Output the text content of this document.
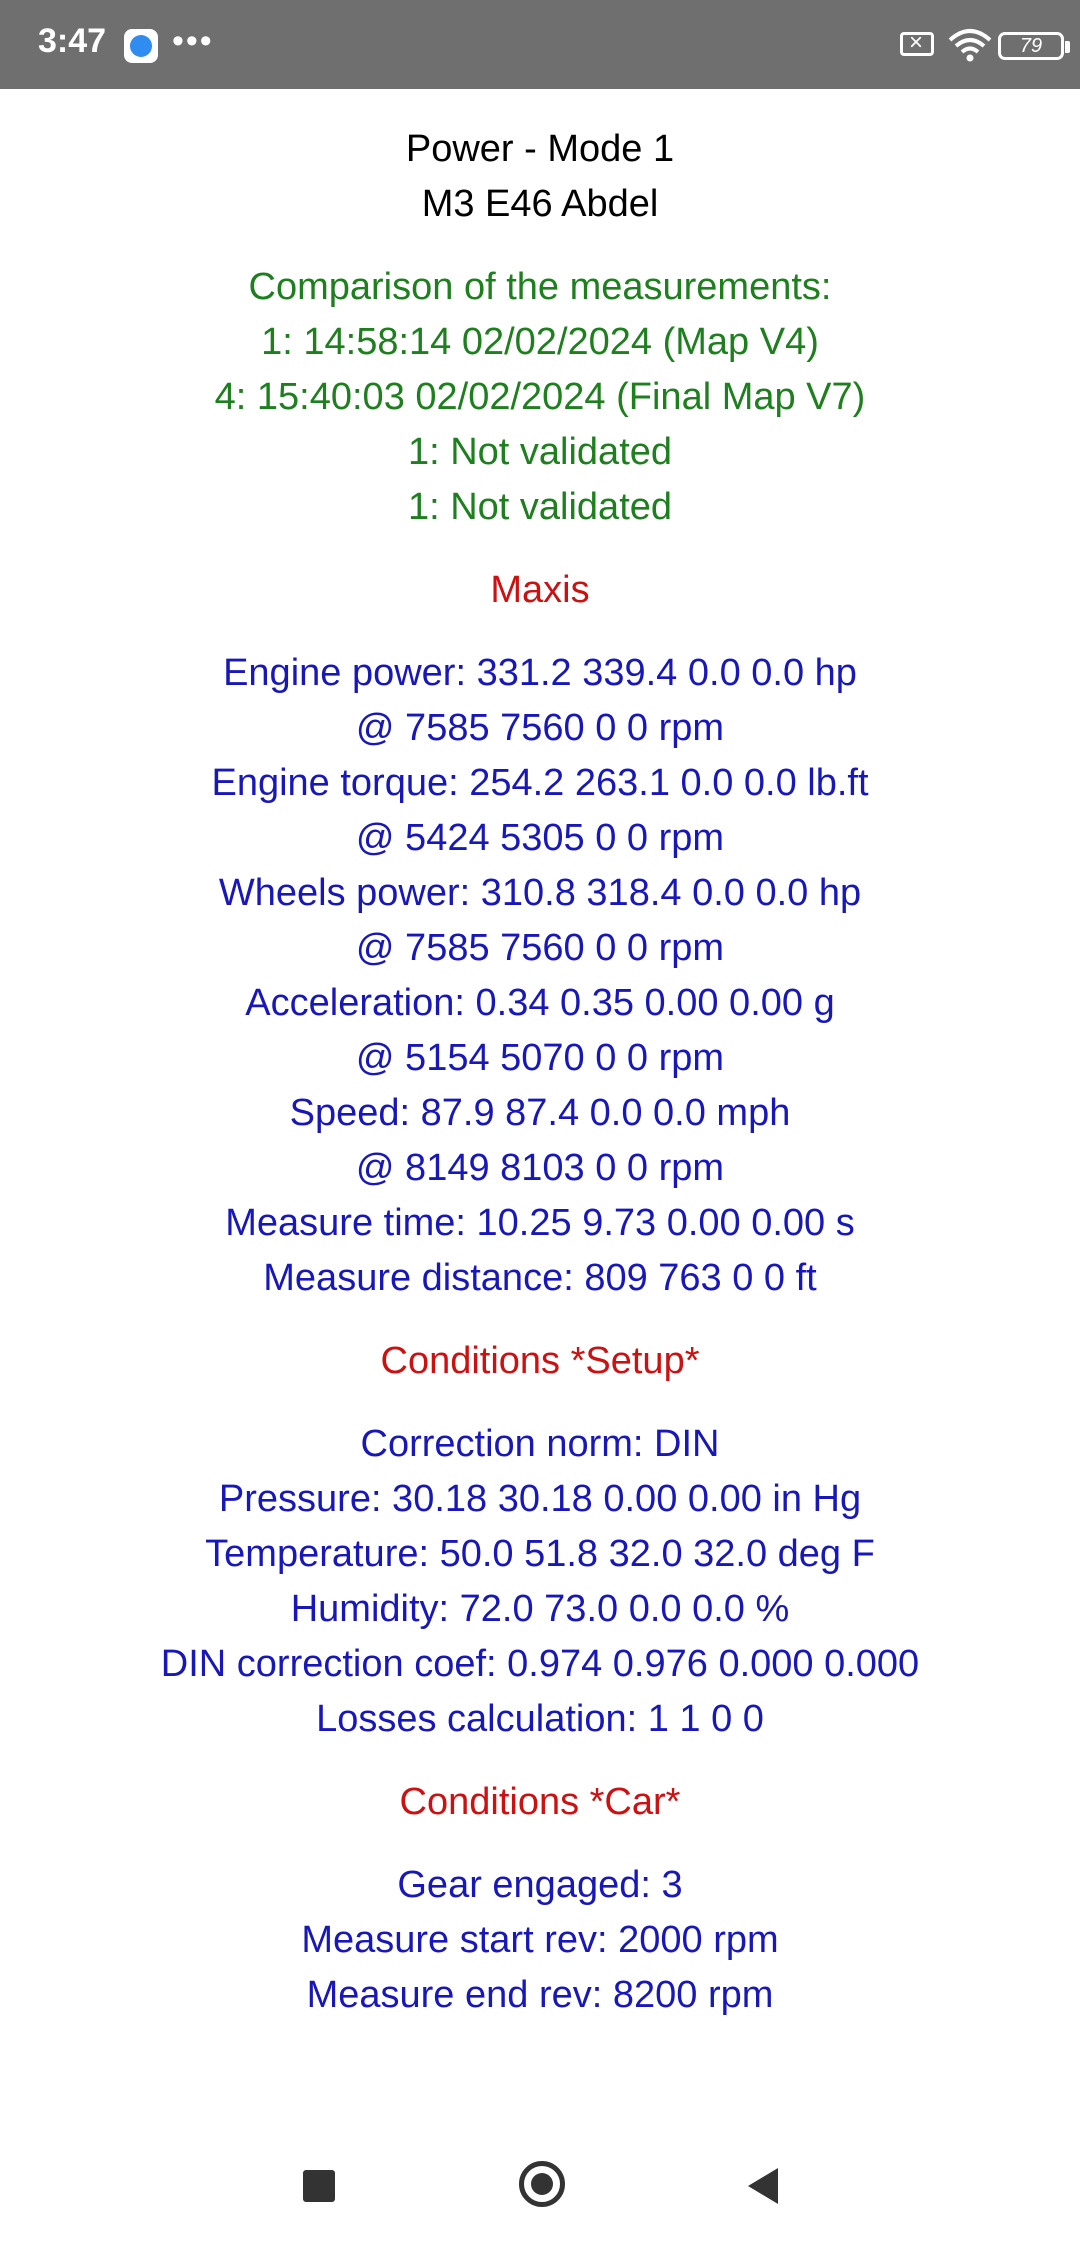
3:47 •••
×	79
Power - Mode 1
M3 E46 Abdel
Comparison of the measurements:
1: 14:58:14 02/02/2024 (Map V4)
4: 15:40:03 02/02/2024 (Final Map V7)
1: Not validated
1: Not validated
Maxis
Engine power: 331.2 339.4 0.0 0.0 hp
@ 7585 7560 0 0 rpm
Engine torque: 254.2 263.1 0.0 0.0 lb.ft
@ 5424 5305 0 0 rpm
Wheels power: 310.8 318.4 0.0 0.0 hp
@ 7585 7560 0 0 rpm
Acceleration: 0.34 0.35 0.00 0.00 g
@ 5154 5070 0 0 rpm
Speed: 87.9 87.4 0.0 0.0 mph
@ 8149 8103 0 0 rpm
Measure time: 10.25 9.73 0.00 0.00 s
Measure distance: 809 763 0 0 ft
Conditions *Setup*
Correction norm: DIN
Pressure: 30.18 30.18 0.00 0.00 in Hg
Temperature: 50.0 51.8 32.0 32.0 deg F
Humidity: 72.0 73.0 0.0 0.0 %
DIN correction coef: 0.974 0.976 0.000 0.000
Losses calculation: 1 1 0 0
Conditions *Car*
Gear engaged: 3
Measure start rev: 2000 rpm
Measure end rev: 8200 rpm
